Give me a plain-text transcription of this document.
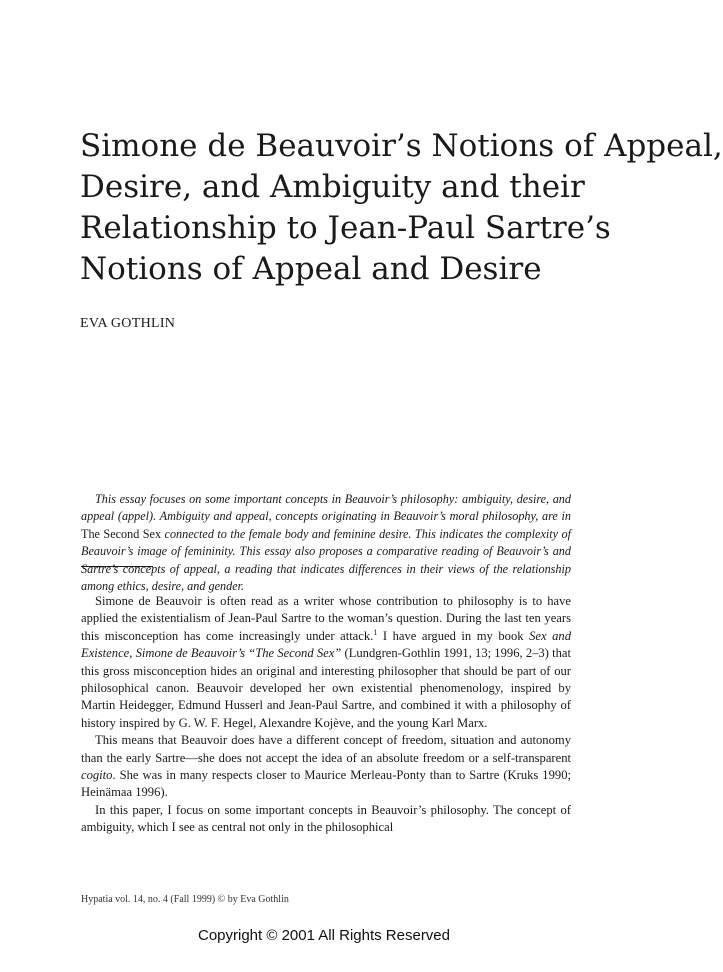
Simone de Beauvoir’s Notions of Appeal,
Desire, and Ambiguity and their
Relationship to Jean-Paul Sartre’s
Notions of Appeal and Desire
EVA GOTHLIN

This essay focuses on some important concepts in Beauvoir’s philosophy: ambiguity, desire, and appeal (appel). Ambiguity and appeal, concepts originating in Beauvoir’s moral philosophy, are in The Second Sex connected to the female body and feminine desire. This indicates the complexity of Beauvoir’s image of femininity. This essay also proposes a comparative reading of Beauvoir’s and Sartre’s concepts of appeal, a reading that indicates differences in their views of the relationship among ethics, desire, and gender.

Simone de Beauvoir is often read as a writer whose contribution to philosophy is to have applied the existentialism of Jean-Paul Sartre to the woman’s question. During the last ten years this misconception has come increasingly under attack.$^1$ I have argued in my book Sex and Existence, Simone de Beauvoir’s “The Second Sex” (Lundgren-Gothlin 1991, 13; 1996, 2–3) that this gross misconception hides an original and interesting philosopher that should be part of our philosophical canon. Beauvoir developed her own existential phenomenology, inspired by Martin Heidegger, Edmund Husserl and Jean-Paul Sartre, and combined it with a philosophy of history inspired by G. W. F. Hegel, Alexandre Kojève, and the young Karl Marx.

This means that Beauvoir does have a different concept of freedom, situation and autonomy than the early Sartre—she does not accept the idea of an absolute freedom or a self-transparent cogito. She was in many respects closer to Maurice Merleau-Ponty than to Sartre (Kruks 1990; Heinämaa 1996).

In this paper, I focus on some important concepts in Beauvoir’s philosophy. The concept of ambiguity, which I see as central not only in the philosophical

Hypatia vol. 14, no. 4 (Fall 1999) © by Eva Gothlin
Copyright © 2001 All Rights Reserved
